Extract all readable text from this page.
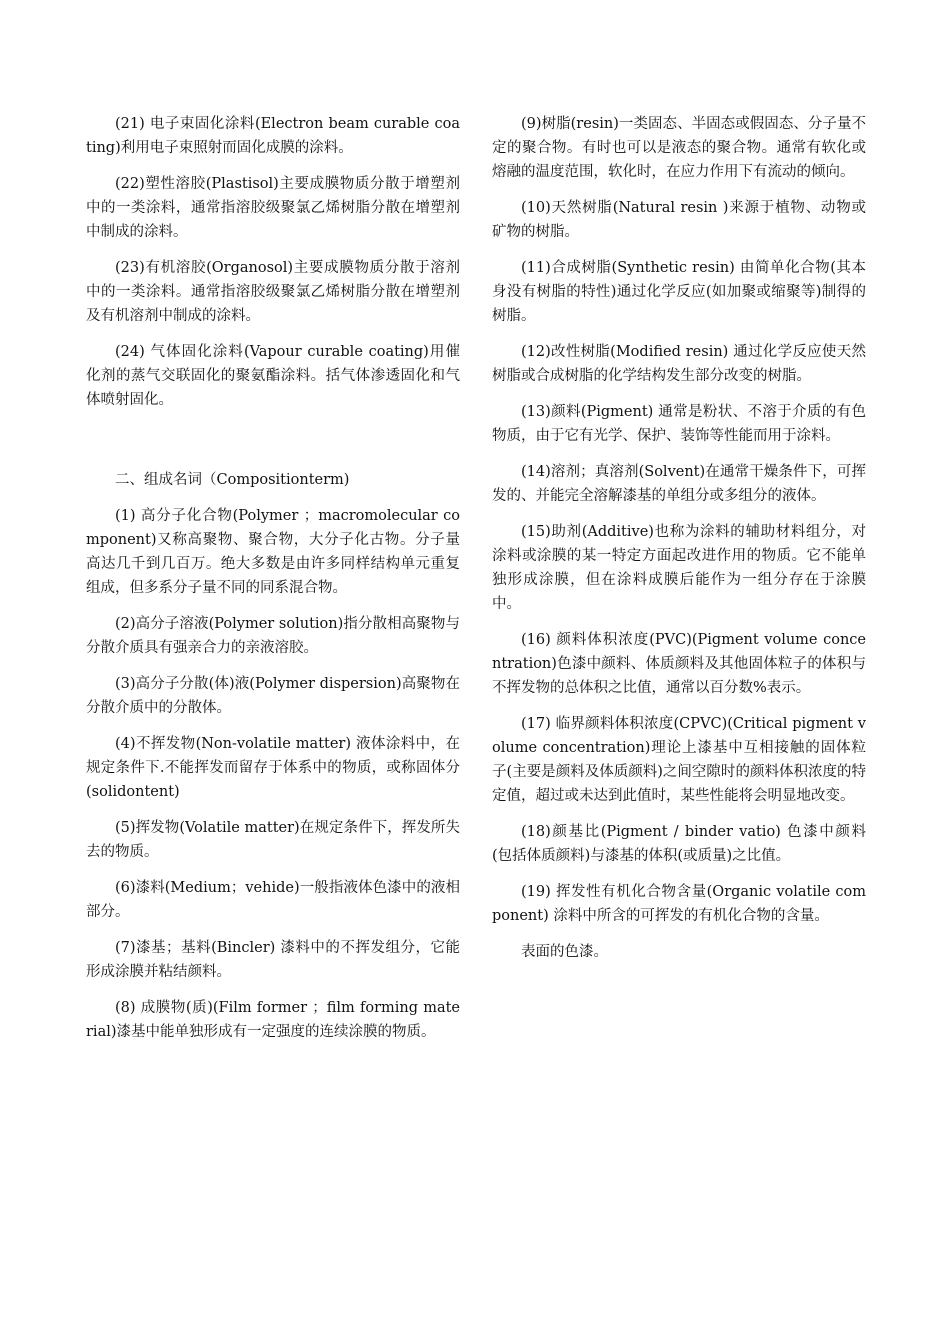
(21) 电子束固化涂料(Electron beam curable coating)利用电子束照射而固化成膜的涂料。

(22)塑性溶胶(Plastisol)主要成膜物质分散于增塑剂中的一类涂料，通常指溶胶级聚氯乙烯树脂分散在增塑剂中制成的涂料。

(23)有机溶胶(Organosol)主要成膜物质分散于溶剂中的一类涂料。通常指溶胶级聚氯乙烯树脂分散在增塑剂及有机溶剂中制成的涂料。

(24) 气体固化涂料(Vapour curable coating)用催化剂的蒸气交联固化的聚氨酯涂料。括气体渗透固化和气体喷射固化。

二、组成名词（Compositionterm)

(1) 高分子化合物(Polymer ；macromolecular component)又称高聚物、聚合物，大分子化古物。分子量高达几千到几百万。绝大多数是由许多同样结构单元重复组成，但多系分子量不同的同系混合物。

(2)高分子溶液(Polymer solution)指分散相高聚物与分散介质具有强亲合力的亲液溶胶。

(3)高分子分散(体)液(Polymer dispersion)高聚物在分散介质中的分散体。

(4)不挥发物(Non-volatile matter) 液体涂料中，在规定条件下.不能挥发而留存于体系中的物质，或称固体分(solidontent)

(5)挥发物(Volatile matter)在规定条件下，挥发所失去的物质。

(6)漆料(Medium；vehide)一般指液体色漆中的液相部分。

(7)漆基；基料(Bincler) 漆料中的不挥发组分，它能形成涂膜并粘结颜料。

(8) 成膜物(质)(Film former ；film forming material)漆基中能单独形成有一定强度的连续涂膜的物质。

(9)树脂(resin)一类固态、半固态或假固态、分子量不定的聚合物。有时也可以是液态的聚合物。通常有软化或熔融的温度范围，软化时，在应力作用下有流动的倾向。

(10)天然树脂(Natural resin )来源于植物、动物或矿物的树脂。

(11)合成树脂(Synthetic resin) 由简单化合物(其本身没有树脂的特性)通过化学反应(如加聚或缩聚等)制得的树脂。

(12)改性树脂(Modified resin) 通过化学反应使天然树脂或合成树脂的化学结构发生部分改变的树脂。

(13)颜料(Pigment) 通常是粉状、不溶于介质的有色物质，由于它有光学、保护、装饰等性能而用于涂料。

(14)溶剂；真溶剂(Solvent)在通常干燥条件下，可挥发的、并能完全溶解漆基的单组分或多组分的液体。

(15)助剂(Additive)也称为涂料的辅助材料组分，对涂料或涂膜的某一特定方面起改进作用的物质。它不能单独形成涂膜，但在涂料成膜后能作为一组分存在于涂膜中。

(16) 颜料体积浓度(PVC)(Pigment volume concentration)色漆中颜料、体质颜料及其他固体粒子的体积与不挥发物的总体积之比值，通常以百分数%表示。

(17) 临界颜料体积浓度(CPVC)(Critical pigment volume concentration)理论上漆基中互相接触的固体粒子(主要是颜料及体质颜料)之间空隙时的颜料体积浓度的特定值，超过或未达到此值时，某些性能将会明显地改变。

(18)颜基比(Pigment / binder vatio) 色漆中颜料(包括体质颜料)与漆基的体积(或质量)之比值。

(19) 挥发性有机化合物含量(Organic volatile component) 涂料中所含的可挥发的有机化合物的含量。

表面的色漆。
